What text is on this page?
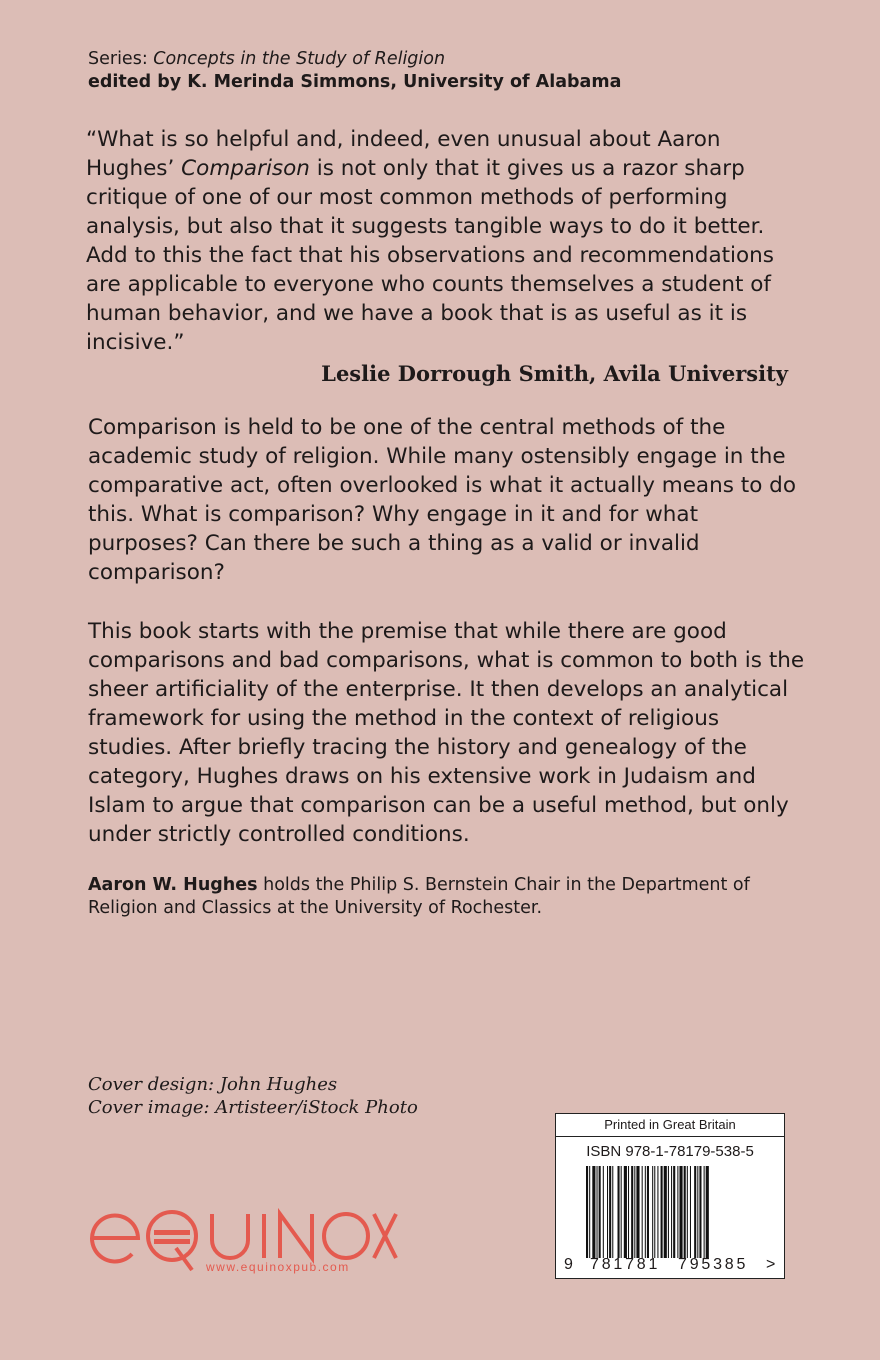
Series: Concepts in the Study of Religion
edited by K. Merinda Simmons, University of Alabama
“What is so helpful and, indeed, even unusual about Aaron Hughes’ Comparison is not only that it gives us a razor sharp critique of one of our most common methods of performing analysis, but also that it suggests tangible ways to do it better. Add to this the fact that his observations and recommendations are applicable to everyone who counts themselves a student of human behavior, and we have a book that is as useful as it is incisive.”
Leslie Dorrough Smith, Avila University
Comparison is held to be one of the central methods of the academic study of religion. While many ostensibly engage in the comparative act, often overlooked is what it actually means to do this. What is comparison? Why engage in it and for what purposes? Can there be such a thing as a valid or invalid comparison?
This book starts with the premise that while there are good comparisons and bad comparisons, what is common to both is the sheer artificiality of the enterprise. It then develops an analytical framework for using the method in the context of religious studies. After briefly tracing the history and genealogy of the category, Hughes draws on his extensive work in Judaism and Islam to argue that comparison can be a useful method, but only under strictly controlled conditions.
Aaron W. Hughes holds the Philip S. Bernstein Chair in the Department of Religion and Classics at the University of Rochester.
Cover design: John Hughes
Cover image: Artisteer/iStock Photo
www.equinoxpub.com
Printed in Great Britain
ISBN 978-1-78179-538-5
9 781781 795385 >
